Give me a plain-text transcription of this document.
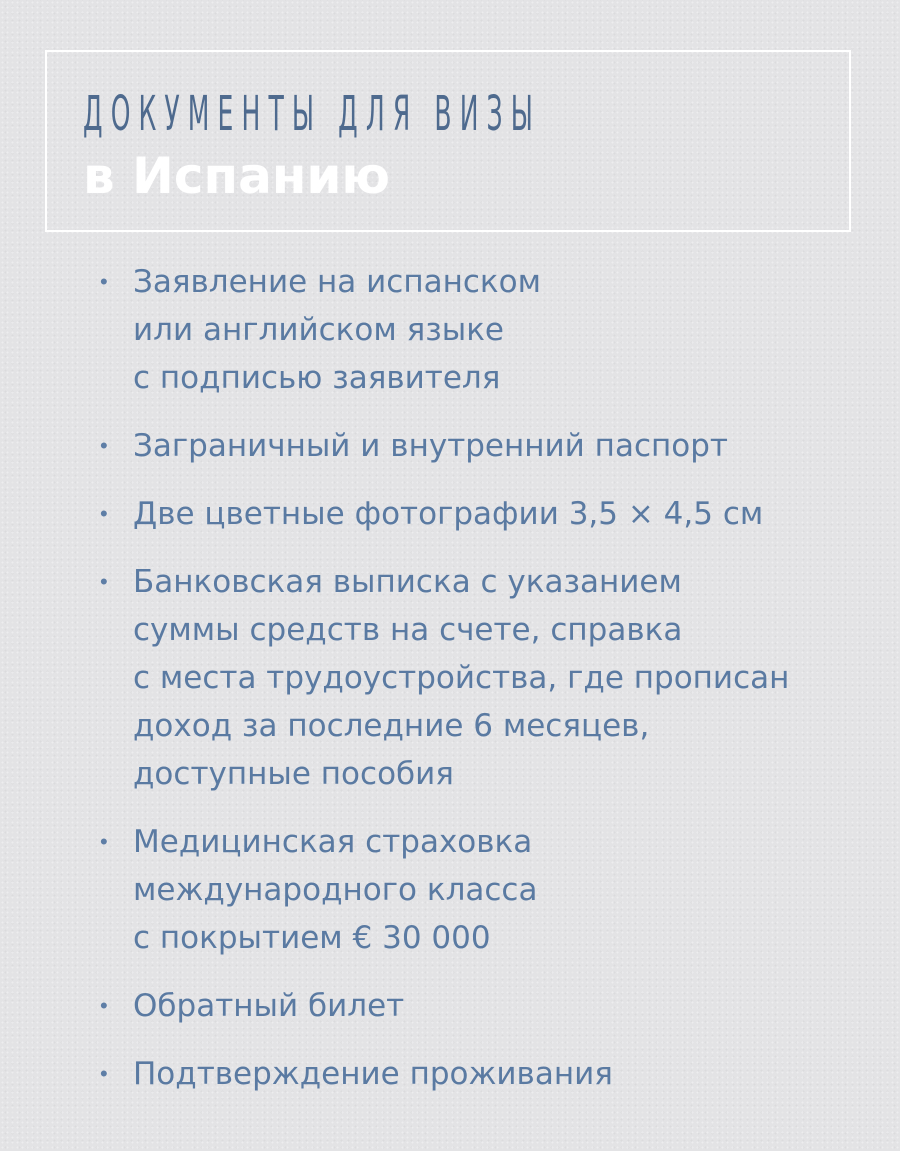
ДОКУМЕНТЫ ДЛЯ ВИЗЫ
в Испанию
• Заявление на испанском
или английском языке
с подписью заявителя
• Заграничный и внутренний паспорт
• Две цветные фотографии 3,5 × 4,5 см
• Банковская выписка с указанием
суммы средств на счете, справка
с места трудоустройства, где прописан
доход за последние 6 месяцев,
доступные пособия
• Медицинская страховка
международного класса
с покрытием € 30 000
• Обратный билет
• Подтверждение проживания
